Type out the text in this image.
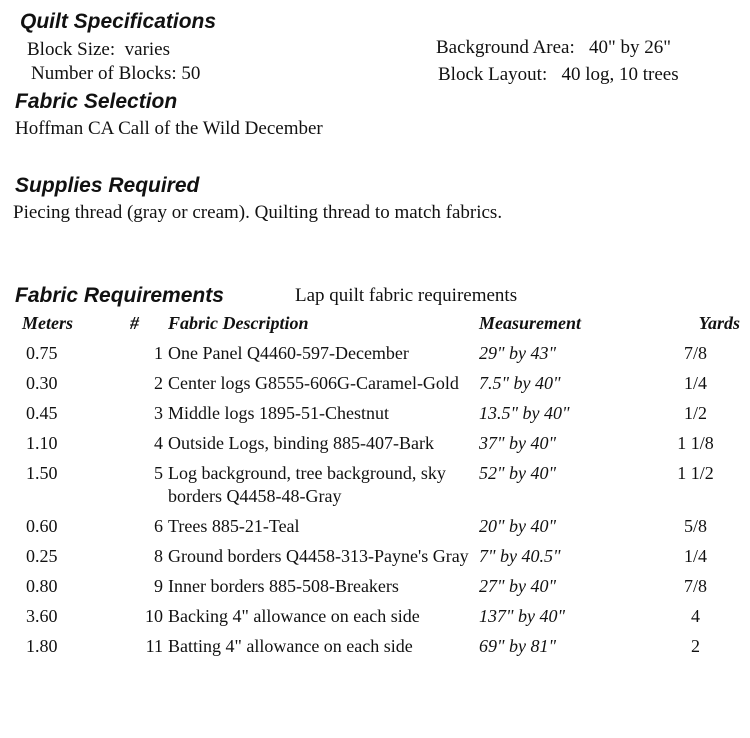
Quilt Specifications
Block Size: varies
Number of Blocks: 50
Background Area: 40" by 26"
Block Layout: 40 log, 10 trees
Fabric Selection
Hoffman CA Call of the Wild December
Supplies Required
Piecing thread (gray or cream). Quilting thread to match fabrics.
Fabric Requirements	Lap quilt fabric requirements
Meters	#	Fabric Description	Measurement	Yards
0.75	1	One Panel Q4460-597-December	29" by 43"	7/8
0.30	2	Center logs G8555-606G-Caramel-Gold	7.5" by 40"	1/4
0.45	3	Middle logs 1895-51-Chestnut	13.5" by 40"	1/2
1.10	4	Outside Logs, binding 885-407-Bark	37" by 40"	1 1/8
1.50	5	Log background, tree background, sky borders Q4458-48-Gray	52" by 40"	1 1/2
0.60	6	Trees 885-21-Teal	20" by 40"	5/8
0.25	8	Ground borders Q4458-313-Payne's Gray	7" by 40.5"	1/4
0.80	9	Inner borders 885-508-Breakers	27" by 40"	7/8
3.60	10	Backing 4" allowance on each side	137" by 40"	4
1.80	11	Batting 4" allowance on each side	69" by 81"	2
